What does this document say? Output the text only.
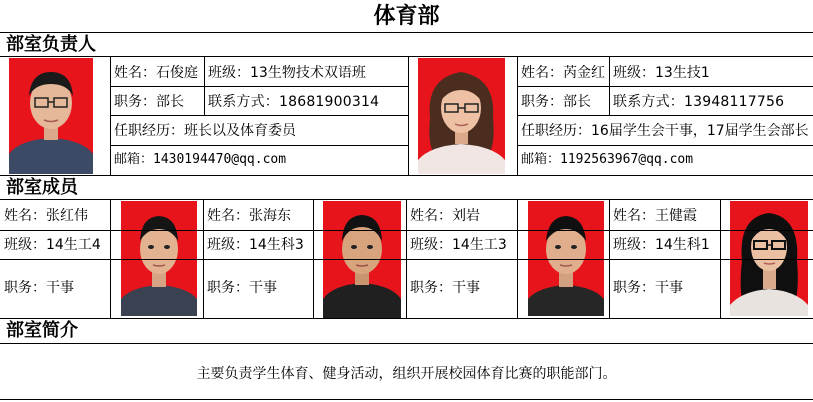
体育部
部室负责人
姓名：石俊庭 班级：13生物技术双语班
职务：部长	联系方式：18681900314
任职经历：班长以及体育委员
邮箱：1430194470@qq.com
姓名：芮金红 班级：13生技1
职务：部长	联系方式：13948117756
任职经历：16届学生会干事，17届学生会部长
邮箱：1192563967@qq.com
部室成员
姓名：张红伟
班级：14生工4
职务：干事
姓名：张海东
班级：14生科3
职务：干事
姓名：刘岩
班级：14生工3
职务：干事
姓名：王健霞
班级：14生科1
职务：干事
部室简介
主要负责学生体育、健身活动，组织开展校园体育比赛的职能部门。
